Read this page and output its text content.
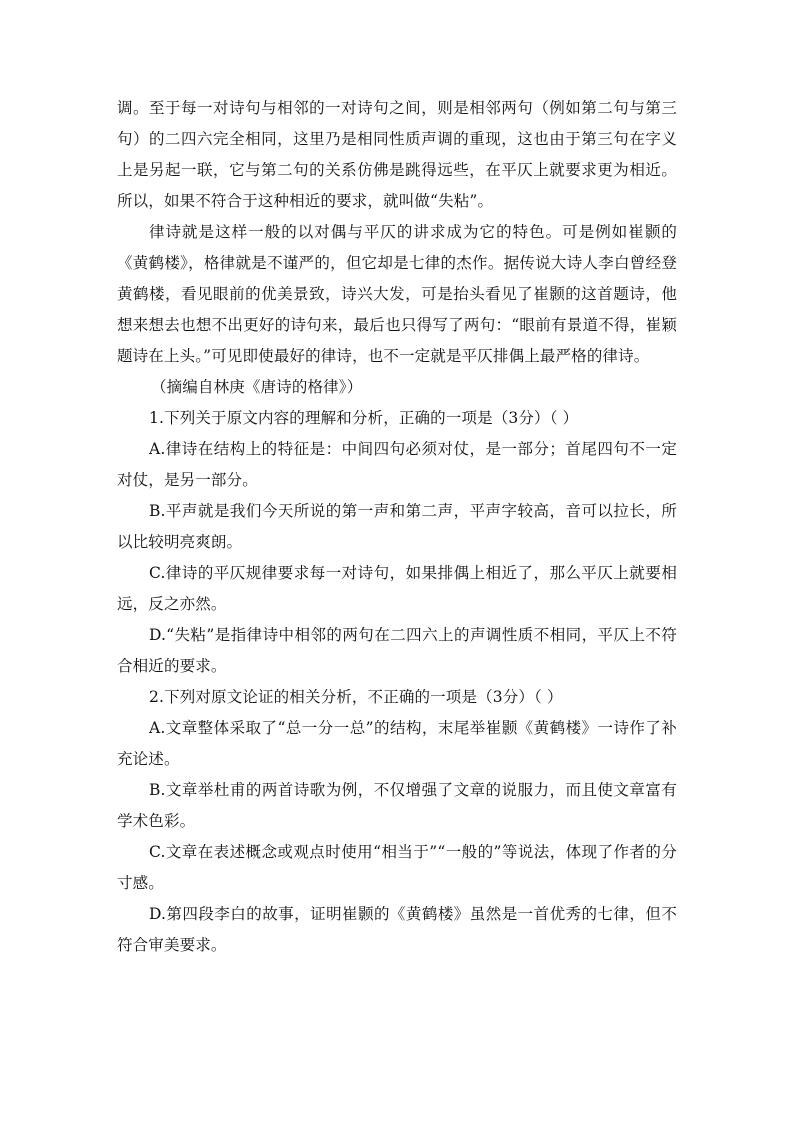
调。至于每一对诗句与相邻的一对诗句之间，则是相邻两句（例如第二句与第三句）的二四六完全相同，这里乃是相同性质声调的重现，这也由于第三句在字义上是另起一联，它与第二句的关系仿佛是跳得远些，在平仄上就要求更为相近。所以，如果不符合于这种相近的要求，就叫做“失粘”。

律诗就是这样一般的以对偶与平仄的讲求成为它的特色。可是例如崔颢的《黄鹤楼》，格律就是不谨严的，但它却是七律的杰作。据传说大诗人李白曾经登黄鹤楼，看见眼前的优美景致，诗兴大发，可是抬头看见了崔颢的这首题诗，他想来想去也想不出更好的诗句来，最后也只得写了两句：“眼前有景道不得，崔颖题诗在上头。”可见即使最好的律诗，也不一定就是平仄排偶上最严格的律诗。

（摘编自林庚《唐诗的格律》）

1.下列关于原文内容的理解和分析，正确的一项是（3分）（ ）

A.律诗在结构上的特征是：中间四句必须对仗，是一部分；首尾四句不一定对仗，是另一部分。

B.平声就是我们今天所说的第一声和第二声，平声字较高，音可以拉长，所以比较明亮爽朗。

C.律诗的平仄规律要求每一对诗句，如果排偶上相近了，那么平仄上就要相远，反之亦然。

D.“失粘”是指律诗中相邻的两句在二四六上的声调性质不相同，平仄上不符合相近的要求。

2.下列对原文论证的相关分析，不正确的一项是（3分）（ ）

A.文章整体采取了“总一分一总”的结构，末尾举崔颢《黄鹤楼》一诗作了补充论述。

B.文章举杜甫的两首诗歌为例，不仅增强了文章的说服力，而且使文章富有学术色彩。

C.文章在表述概念或观点时使用“相当于”“一般的”等说法，体现了作者的分寸感。

D.第四段李白的故事，证明崔颢的《黄鹤楼》虽然是一首优秀的七律，但不符合审美要求。
